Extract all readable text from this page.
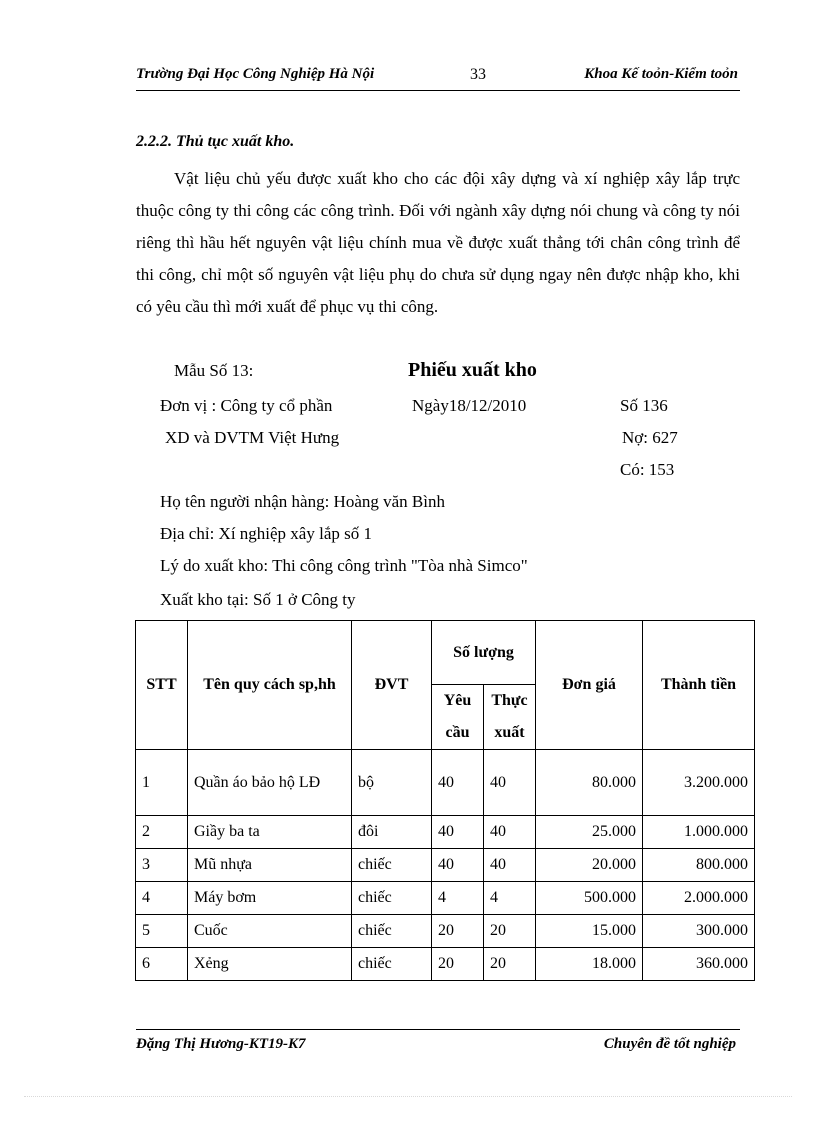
Trường Đại Học Công Nghiệp Hà Nội	33	Khoa Kế toỏn-Kiểm toỏn
2.2.2. Thủ tục xuất kho.

Vật liệu chủ yếu được xuất kho cho các đội xây dựng và xí nghiệp xây lắp trực thuộc công ty thi công các công trình. Đối với ngành xây dựng nói chung và công ty nói riêng thì hầu hết nguyên vật liệu chính mua về được xuất thẳng tới chân công trình để thi công, chỉ một số nguyên vật liệu phụ do chưa sử dụng ngay nên được nhập kho, khi có yêu cầu thì mới xuất để phục vụ thi công.

Mẫu Số 13:	Phiếu xuất kho
Đơn vị : Công ty cổ phần	Ngày18/12/2010	Số 136
XD và DVTM Việt Hưng	Nợ: 627
Có: 153
Họ tên người nhận hàng: Hoàng văn Bình
Địa chỉ: Xí nghiệp xây lắp số 1
Lý do xuất kho: Thi công công trình "Tòa nhà Simco"
Xuất kho tại: Số 1 ở Công ty
STT	Tên quy cách sp,hh	ĐVT	Số lượng		Đơn giá	Thành tiền
			Yêu cầu	Thực xuất		
1	Quần áo bảo hộ LĐ	bộ	40	40	80.000	3.200.000
2	Giầy ba ta	đôi	40	40	25.000	1.000.000
3	Mũ nhựa	chiếc	40	40	20.000	800.000
4	Máy bơm	chiếc	4	4	500.000	2.000.000
5	Cuốc	chiếc	20	20	15.000	300.000
6	Xẻng	chiếc	20	20	18.000	360.000
Đặng Thị Hương-KT19-K7	Chuyên đề tốt nghiệp
